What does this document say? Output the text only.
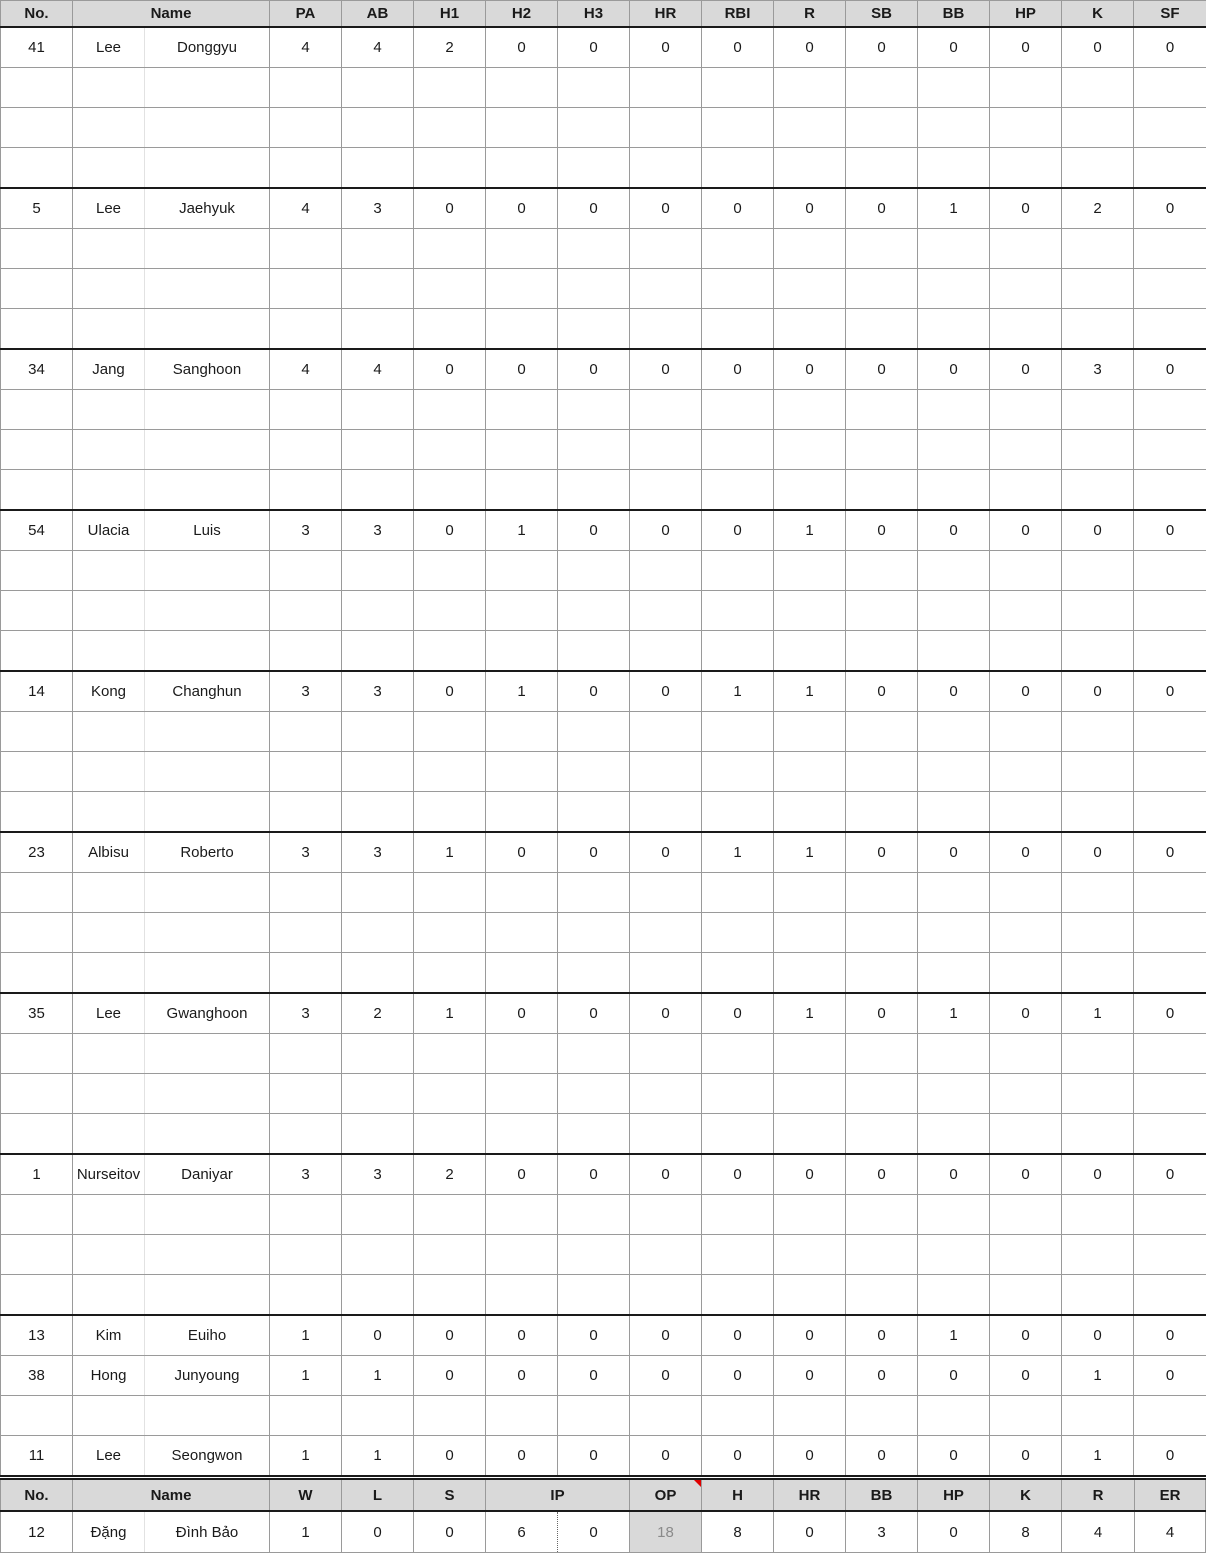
No.	Name		PA	AB	H1	H2	H3	HR	RBI	R	SB	BB	HP	K	SF
41	Lee	Donggyu	4	4	2	0	0	0	0	0	0	0	0	0	0

5	Lee	Jaehyuk	4	3	0	0	0	0	0	0	0	1	0	2	0

34	Jang	Sanghoon	4	4	0	0	0	0	0	0	0	0	0	3	0

54	Ulacia	Luis	3	3	0	1	0	0	0	1	0	0	0	0	0

14	Kong	Changhun	3	3	0	1	0	0	1	1	0	0	0	0	0

23	Albisu	Roberto	3	3	1	0	0	0	1	1	0	0	0	0	0

35	Lee	Gwanghoon	3	2	1	0	0	0	0	1	0	1	0	1	0

1	Nurseitov	Daniyar	3	3	2	0	0	0	0	0	0	0	0	0	0

13	Kim	Euiho	1	0	0	0	0	0	0	0	0	1	0	0	0
38	Hong	Junyoung	1	1	0	0	0	0	0	0	0	0	0	1	0

11	Lee	Seongwon	1	1	0	0	0	0	0	0	0	0	0	1	0
No.	Name		W	L	S	IP		OP	H	HR	BB	HP	K	R	ER
12	Đặng	Đình Bảo	1	0	0	6	0	18	8	0	3	0	8	4	4
